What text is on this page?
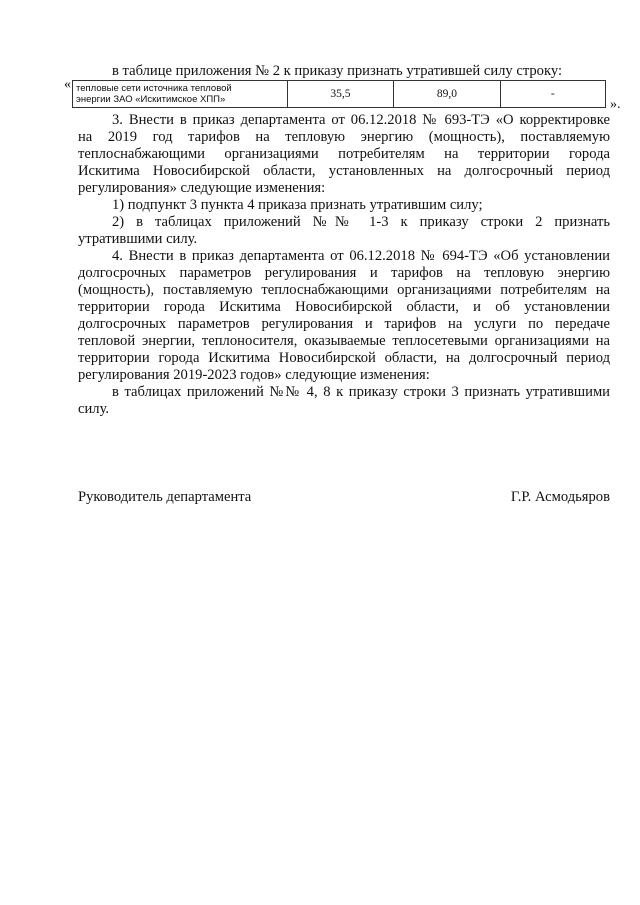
в таблице приложения № 2 к приказу признать утратившей силу строку:
« тепловые сети источника тепловой
энергии ЗАО «Искитимское ХПП»	35,5	89,0	-
».
3. Внести в приказ департамента от 06.12.2018 № 693-ТЭ «О корректировке
на 2019 год тарифов на тепловую энергию (мощность), поставляемую
теплоснабжающими организациями потребителям на территории города
Искитима Новосибирской области, установленных на долгосрочный период
регулирования» следующие изменения:
1) подпункт 3 пункта 4 приказа признать утратившим силу;
2) в таблицах приложений №№ 1-3 к приказу строки 2 признать
утратившими силу.
4. Внести в приказ департамента от 06.12.2018 № 694-ТЭ «Об установлении
долгосрочных параметров регулирования и тарифов на тепловую энергию
(мощность), поставляемую теплоснабжающими организациями потребителям на
территории города Искитима Новосибирской области, и об установлении
долгосрочных параметров регулирования и тарифов на услуги по передаче
тепловой энергии, теплоносителя, оказываемые теплосетевыми организациями на
территории города Искитима Новосибирской области, на долгосрочный период
регулирования 2019-2023 годов» следующие изменения:
в таблицах приложений №№ 4, 8 к приказу строки 3 признать утратившими
силу.
Руководитель департамента	Г.Р. Асмодьяров
